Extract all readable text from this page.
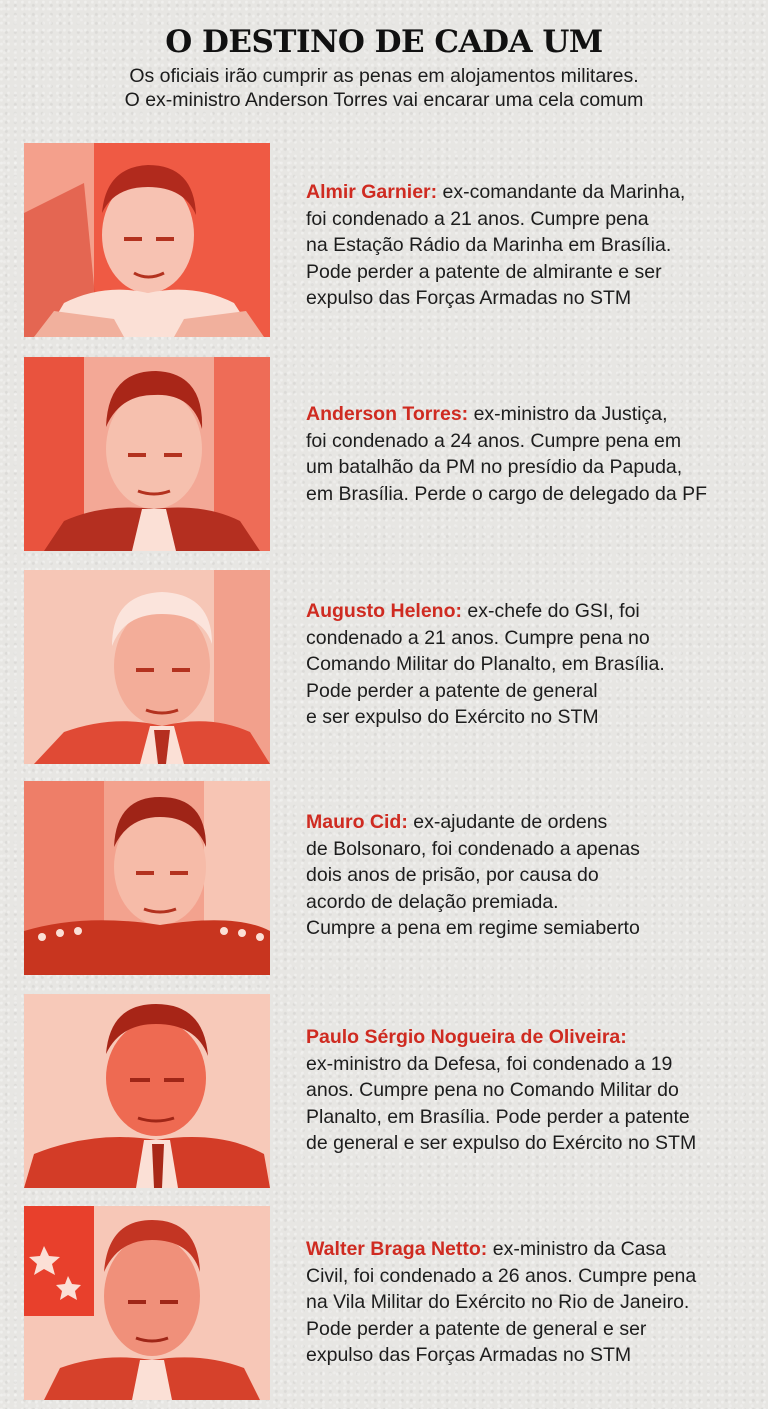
O DESTINO DE CADA UM
Os oficiais irão cumprir as penas em alojamentos militares.
O ex-ministro Anderson Torres vai encarar uma cela comum
Almir Garnier: ex-comandante da Marinha,
foi condenado a 21 anos. Cumpre pena
na Estação Rádio da Marinha em Brasília.
Pode perder a patente de almirante e ser
expulso das Forças Armadas no STM
Anderson Torres: ex-ministro da Justiça,
foi condenado a 24 anos. Cumpre pena em
um batalhão da PM no presídio da Papuda,
em Brasília. Perde o cargo de delegado da PF
Augusto Heleno: ex-chefe do GSI, foi
condenado a 21 anos. Cumpre pena no
Comando Militar do Planalto, em Brasília.
Pode perder a patente de general
e ser expulso do Exército no STM
Mauro Cid: ex-ajudante de ordens
de Bolsonaro, foi condenado a apenas
dois anos de prisão, por causa do
acordo de delação premiada.
Cumpre a pena em regime semiaberto
Paulo Sérgio Nogueira de Oliveira:
ex-ministro da Defesa, foi condenado a 19
anos. Cumpre pena no Comando Militar do
Planalto, em Brasília. Pode perder a patente
de general e ser expulso do Exército no STM
Walter Braga Netto: ex-ministro da Casa
Civil, foi condenado a 26 anos. Cumpre pena
na Vila Militar do Exército no Rio de Janeiro.
Pode perder a patente de general e ser
expulso das Forças Armadas no STM
